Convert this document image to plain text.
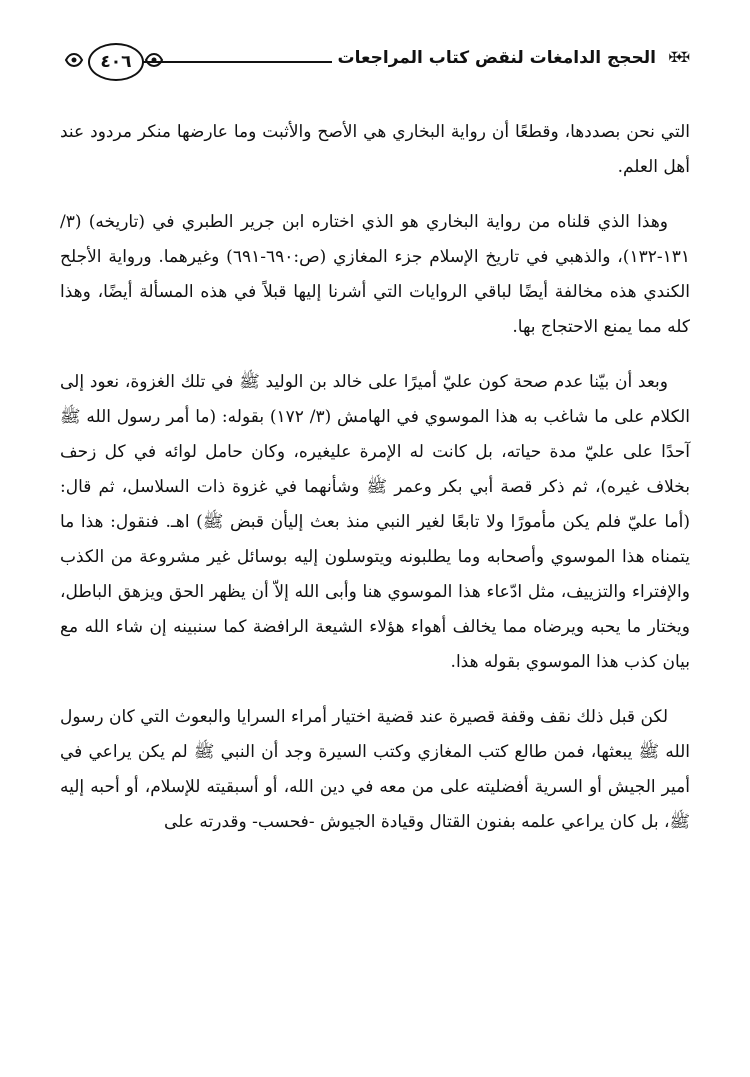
✠✠
الحجج الدامغات لنقض كتاب المراجعات
٤٠٦

التي نحن بصددها، وقطعًا أن رواية البخاري هي الأصح والأثبت وما عارضها منكر مردود عند أهل العلم.

وهذا الذي قلناه من رواية البخاري هو الذي اختاره ابن جرير الطبري في (تاريخه) (٣/ ١٣١-١٣٢)، والذهبي في تاريخ الإسلام جزء المغازي (ص:٦٩٠-٦٩١) وغيرهما. ورواية الأجلح الكندي هذه مخالفة أيضًا لباقي الروايات التي أشرنا إليها قبلاً في هذه المسألة أيضًا، وهذا كله مما يمنع الاحتجاج بها.

وبعد أن بيّنا عدم صحة كون عليّ أميرًا على خالد بن الوليد ﷺ في تلك الغزوة، نعود إلى الكلام على ما شاغب به هذا الموسوي في الهامش (٣/ ١٧٢) بقوله: (ما أمر رسول الله ﷺ آحدًا على عليّ مدة حياته، بل كانت له الإمرة عليغيره، وكان حامل لوائه في كل زحف بخلاف غيره)، ثم ذكر قصة أبي بكر وعمر ﷺ وشأنهما في غزوة ذات السلاسل، ثم قال: (أما عليّ فلم يكن مأمورًا ولا تابعًا لغير النبي منذ بعث إليأن قبض ﷺ) اهـ. فنقول: هذا ما يتمناه هذا الموسوي وأصحابه وما يطلبونه ويتوسلون إليه بوسائل غير مشروعة من الكذب والإفتراء والتزييف، مثل ادّعاء هذا الموسوي هنا وأبى الله إلاّ أن يظهر الحق ويزهق الباطل، ويختار ما يحبه ويرضاه مما يخالف أهواء هؤلاء الشيعة الرافضة كما سنبينه إن شاء الله مع بيان كذب هذا الموسوي بقوله هذا.

لكن قبل ذلك نقف وقفة قصيرة عند قضية اختيار أمراء السرايا والبعوث التي كان رسول الله ﷺ يبعثها، فمن طالع كتب المغازي وكتب السيرة وجد أن النبي ﷺ لم يكن يراعي في أمير الجيش أو السرية أفضليته على من معه في دين الله، أو أسبقيته للإسلام، أو أحبه إليه ﷺ، بل كان يراعي علمه بفنون القتال وقيادة الجيوش -فحسب- وقدرته على
